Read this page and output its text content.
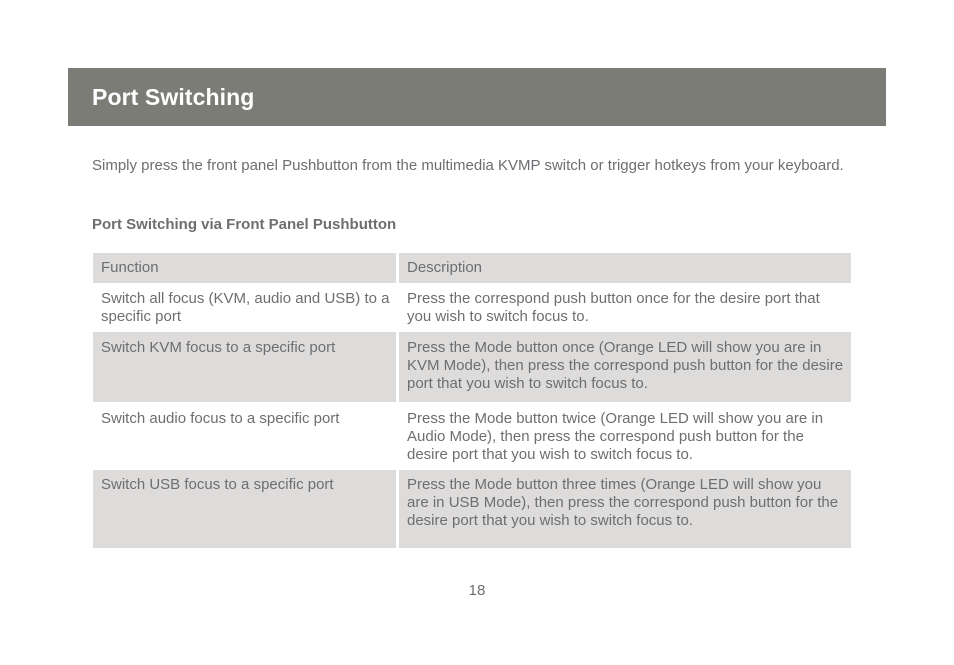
Port Switching

Simply press the front panel Pushbutton from the multimedia KVMP switch or trigger hotkeys from your keyboard.

Port Switching via Front Panel Pushbutton

Function	Description

Switch all focus (KVM, audio and USB) to a specific port	Press the correspond push button once for the desire port that you wish to switch focus to.

Switch KVM focus to a specific port	Press the Mode button once (Orange LED will show you are in KVM Mode), then press the correspond push button for the desire port that you wish to switch focus to.

Switch audio focus to a specific port	Press the Mode button twice (Orange LED will show you are in Audio Mode), then press the correspond push button for the desire port that you wish to switch focus to.

Switch USB focus to a specific port	Press the Mode button three times (Orange LED will show you are in USB Mode), then press the correspond push button for the desire port that you wish to switch focus to.
18
